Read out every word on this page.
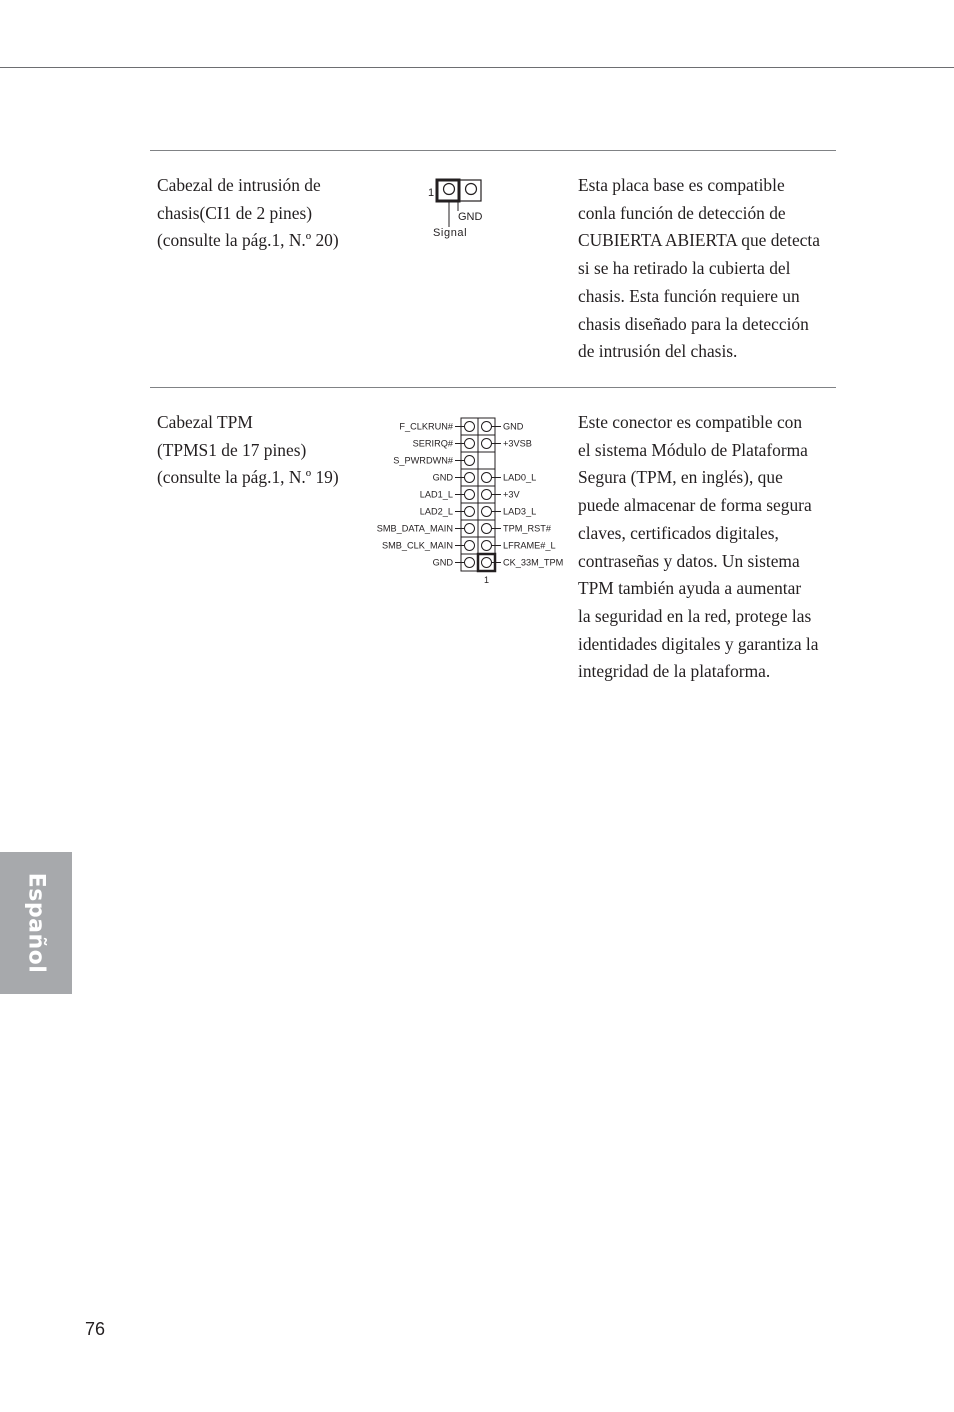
Cabezal de intrusión de

chasis(CI1 de 2 pines)

(consulte la pág.1, N.º 20)

1
GND
Signal

Esta placa base es compatible

conla función de detección de

CUBIERTA ABIERTA que detecta

si se ha retirado la cubierta del

chasis. Esta función requiere un

chasis diseñado para la detección

de intrusión del chasis.

Cabezal TPM

(TPMS1 de 17 pines)

(consulte la pág.1, N.º 19)

F_CLKRUN#
SERIRQ#
S_PWRDWN#
GND
LAD1_L
LAD2_L
SMB_DATA_MAIN
SMB_CLK_MAIN
GND
GND
+3VSB
LAD0_L
+3V
LAD3_L
TPM_RST#
LFRAME#_L
CK_33M_TPM
1

Este conector es compatible con

el sistema Módulo de Plataforma

Segura (TPM, en inglés), que

puede almacenar de forma segura

claves, certificados digitales,

contraseñas y datos. Un sistema

TPM también ayuda a aumentar

la seguridad en la red, protege las

identidades digitales y garantiza la

integridad de la plataforma.

Español
76
